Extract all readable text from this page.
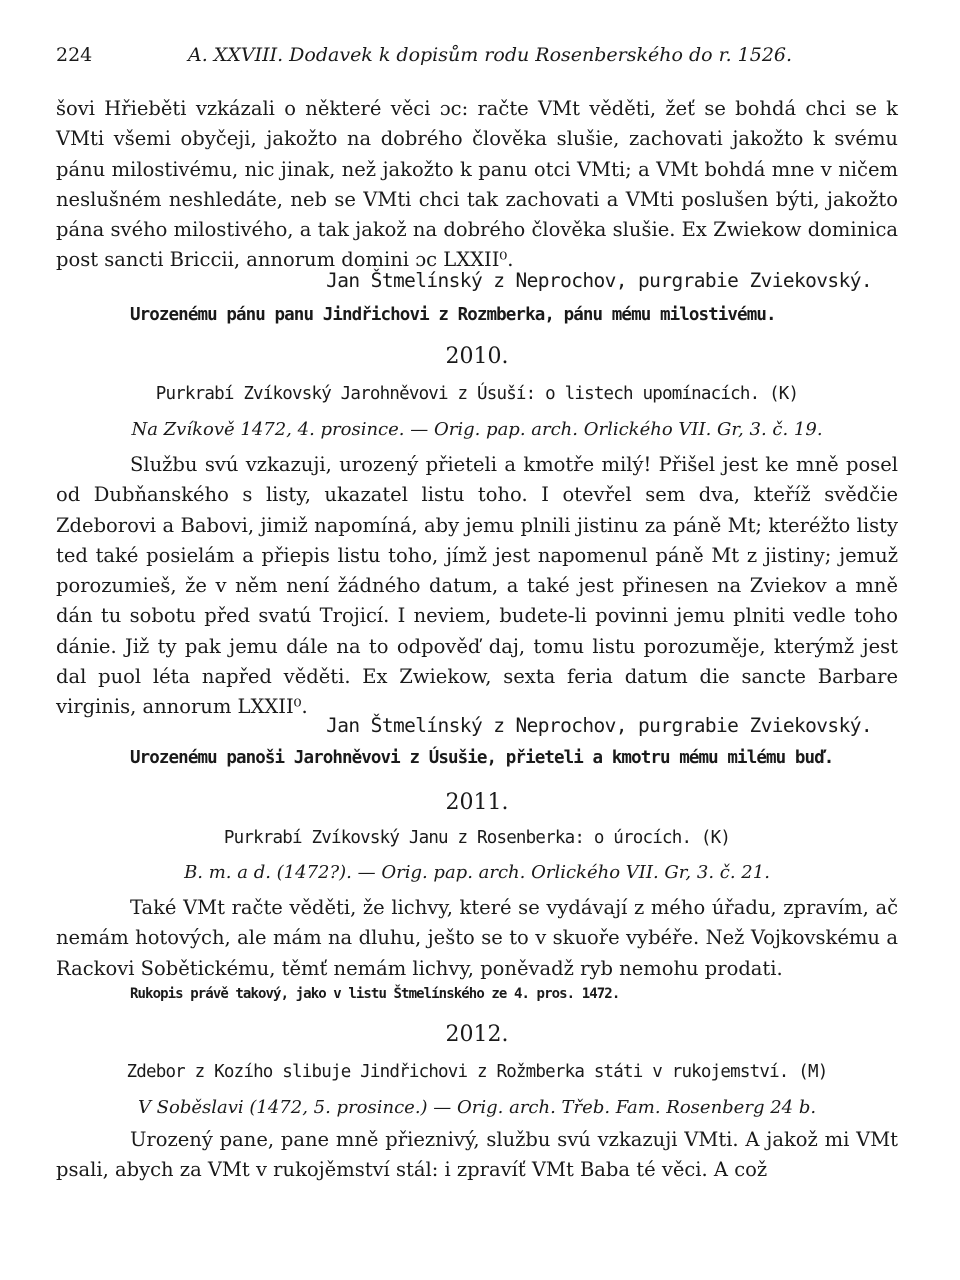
224	A. XXVIII. Dodavek k dopisům rodu Rosenberského do r. 1526.

šovi Hřieběti vzkázali o některé věci ɔc: račte VMt věděti, žeť se bohdá chci se k VMti všemi obyčeji, jakožto na dobrého člověka slušie, zachovati jakožto k svému pánu milostivému, nic jinak, než jakožto k panu otci VMti; a VMt bohdá mne v ničem neslušném neshledáte, neb se VMti chci tak zachovati a VMti poslušen býti, jakožto pána svého milostivého, a tak jakož na dobrého člověka slušie. Ex Zwiekow dominica post sancti Briccii, annorum domini ɔc LXXII⁰.

Jan Štmelínský z Neprochov, purgrabie Zviekovský.
Urozenému pánu panu Jindřichovi z Rozmberka, pánu mému milostivému.
2010.
Purkrabí Zvíkovský Jarohněvovi z Úsuší: o listech upomínacích. (K)
Na Zvíkově 1472, 4. prosince. — Orig. pap. arch. Orlického VII. Gr, 3. č. 19.

Službu svú vzkazuji, urozený přieteli a kmotře milý! Přišel jest ke mně posel od Dubňanského s listy, ukazatel listu toho. I otevřel sem dva, kteříž svědčie Zdeborovi a Babovi, jimiž napomíná, aby jemu plnili jistinu za páně Mt; kteréžto listy ted také posielám a přiepis listu toho, jímž jest napomenul páně Mt z jistiny; jemuž porozumieš, že v něm není žádného datum, a také jest přinesen na Zviekov a mně dán tu sobotu před svatú Trojicí. I neviem, budete-li povinni jemu plniti vedle toho dánie. Již ty pak jemu dále na to odpověď daj, tomu listu porozuměje, kterýmž jest dal puol léta napřed věděti. Ex Zwiekow, sexta feria datum die sancte Barbare virginis, annorum LXXII⁰.

Jan Štmelínský z Neprochov, purgrabie Zviekovský.
Urozenému panoši Jarohněvovi z Úsušie, přieteli a kmotru mému milému buď.
2011.
Purkrabí Zvíkovský Janu z Rosenberka: o úrocích. (K)
B. m. a d. (1472?). — Orig. pap. arch. Orlického VII. Gr, 3. č. 21.

Také VMt račte věděti, že lichvy, které se vydávají z mého úřadu, zpravím, ač nemám hotových, ale mám na dluhu, ješto se to v skuoře vybéře. Než Vojkovskému a Rackovi Sobětickému, těmť nemám lichvy, poněvadž ryb nemohu prodati.

Rukopis právě takový, jako v listu Štmelínského ze 4. pros. 1472.
2012.
Zdebor z Kozího slibuje Jindřichovi z Rožmberka státi v rukojemství. (M)
V Soběslavi (1472, 5. prosince.) — Orig. arch. Třeb. Fam. Rosenberg 24 b.

Urozený pane, pane mně přieznivý, službu svú vzkazuji VMti. A jakož mi VMt psali, abych za VMt v rukojěmství stál: i zpravíť VMt Baba té věci. A což
